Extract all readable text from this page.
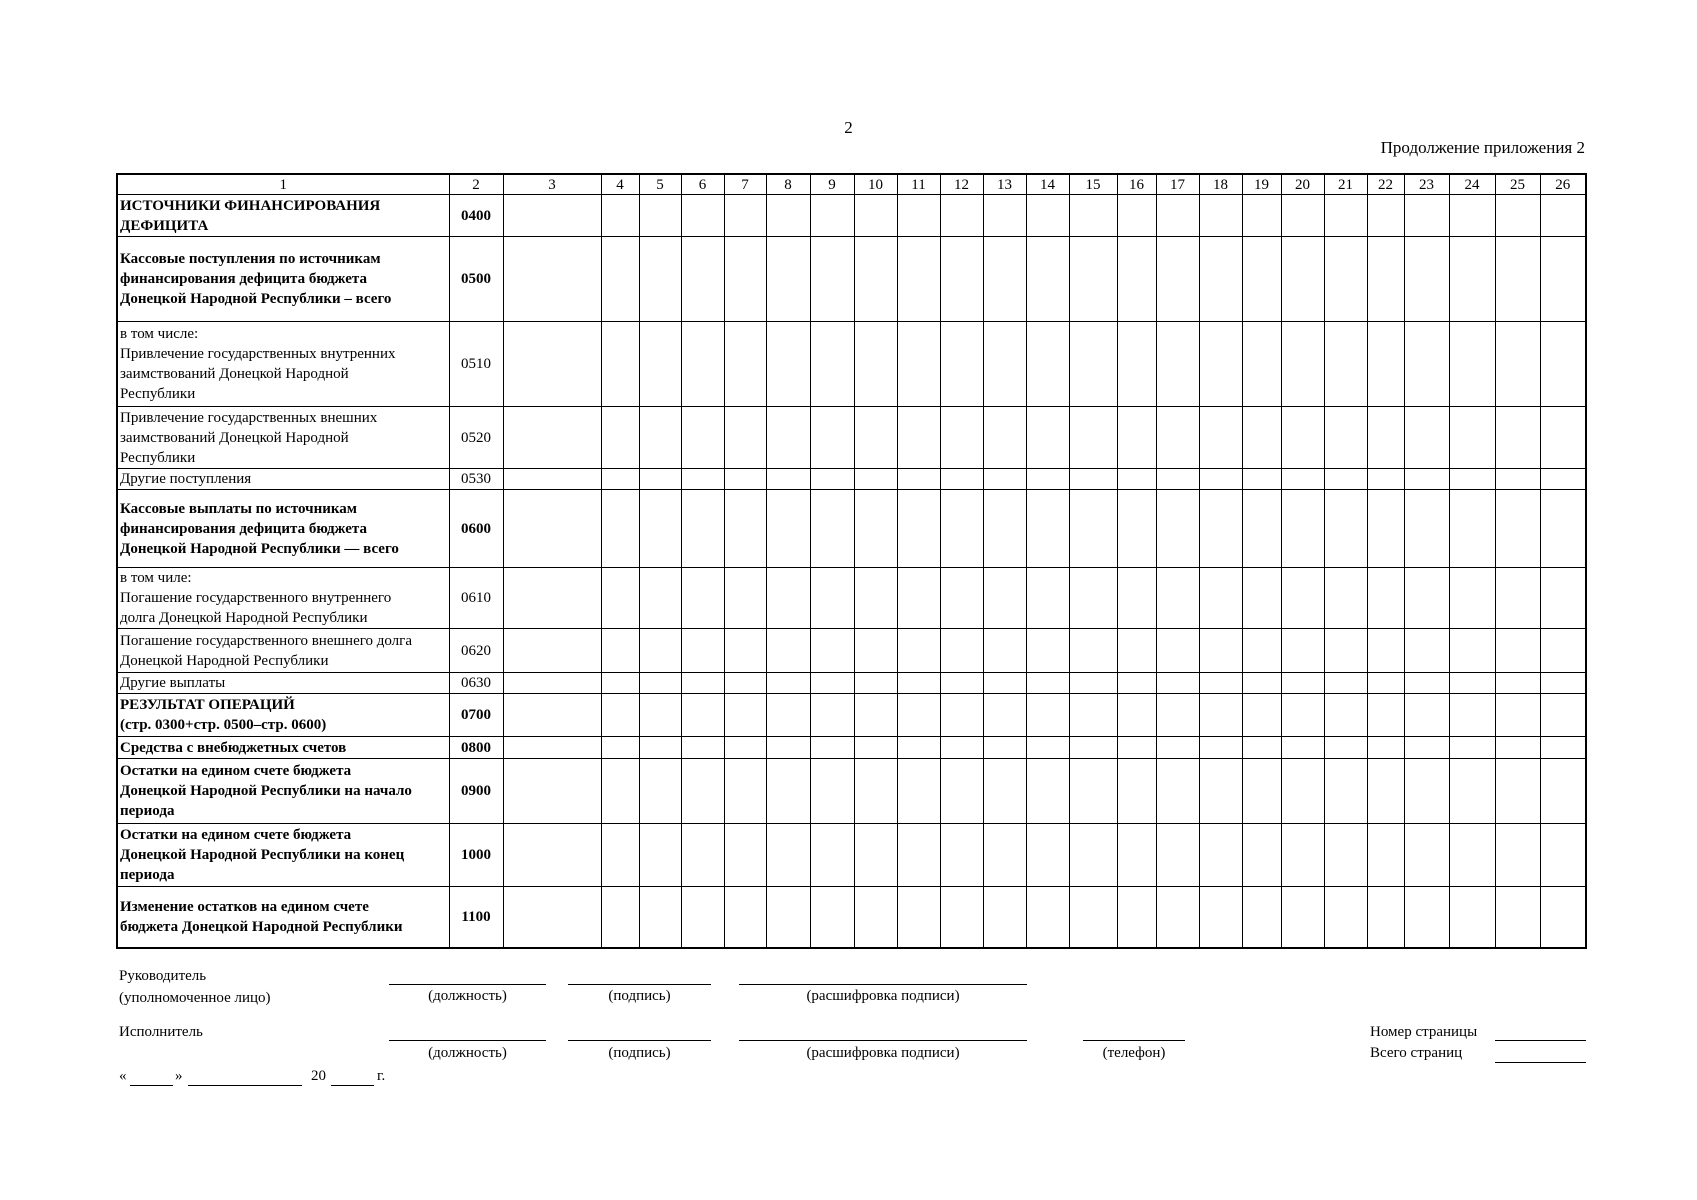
2
Продолжение приложения 2
1	2	3	4	5	6	7	8	9	10	11	12	13	14	15	16	17	18	19	20	21	22	23	24	25	26

ИСТОЧНИКИ ФИНАНСИРОВАНИЯ
ДЕФИЦИТА	0400																								

Кассовые поступления по источникам
финансирования дефицита бюджета
Донецкой Народной Республики – всего	0500																								

в том числе:
Привлечение государственных внутренних
заимствований Донецкой Народной
Республики	0510																								

Привлечение государственных внешних
заимствований Донецкой Народной
Республики	0520																								

Другие поступления	0530																								

Кассовые выплаты по источникам
финансирования дефицита бюджета
Донецкой Народной Республики — всего	0600																								

в том чиле:
Погашение государственного внутреннего
долга Донецкой Народной Республики	0610																								

Погашение государственного внешнего долга
Донецкой Народной Республики	0620																								

Другие выплаты	0630																								

РЕЗУЛЬТАТ ОПЕРАЦИЙ
(стр. 0300+стр. 0500–стр. 0600)	0700																								

Средства с внебюджетных счетов	0800																								

Остатки на едином счете бюджета
Донецкой Народной Республики на начало
периода	0900																								

Остатки на едином счете бюджета
Донецкой Народной Республики на конец
периода	1000																								

Изменение остатков на едином счете
бюджета Донецкой Народной Республики	1100																								
Руководитель
(уполномоченное лицо)	(должность)	(подпись)	(расшифровка подписи)
Исполнитель
(должность)	(подпись)	(расшифровка подписи)	(телефон)
Номер страницы
Всего страниц
«	»	20	г.
